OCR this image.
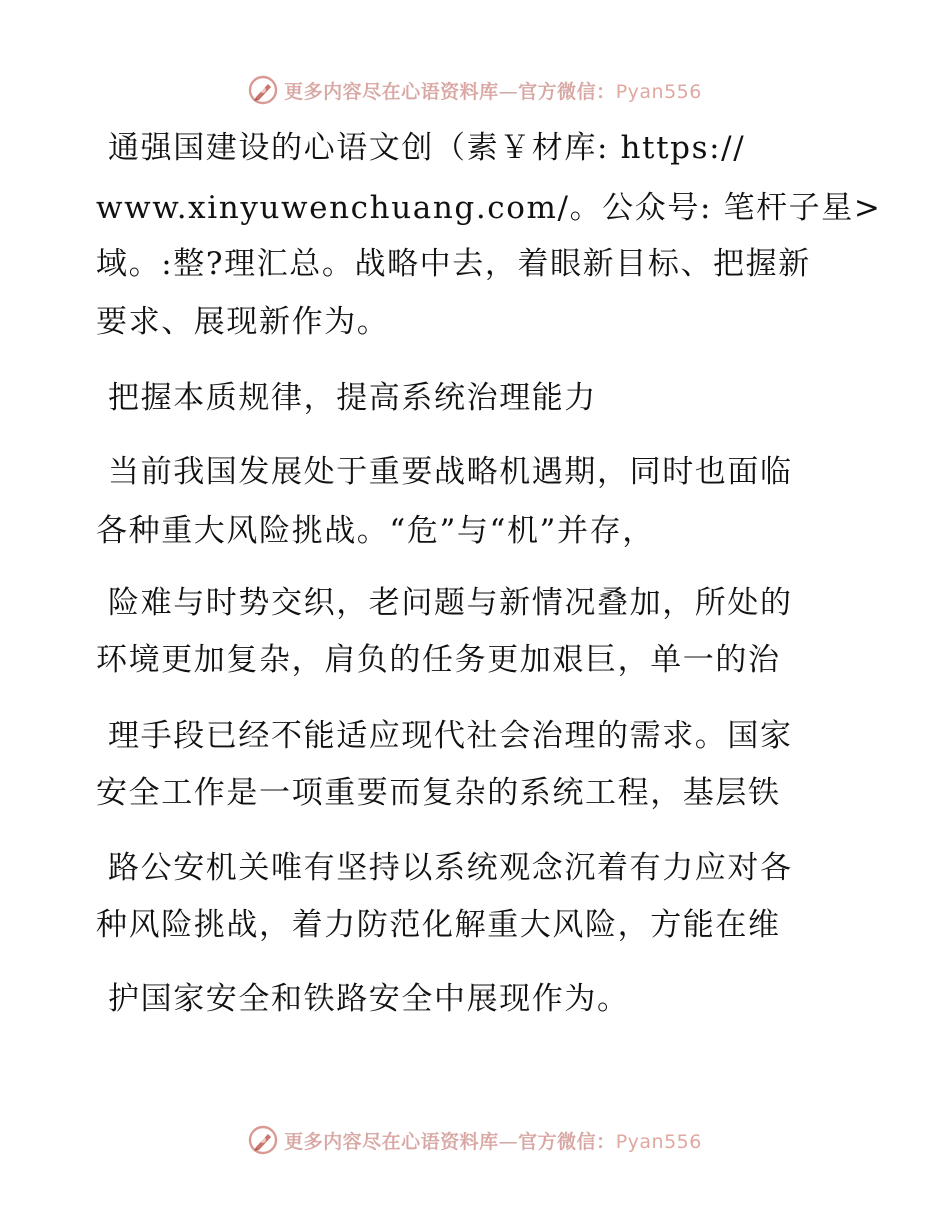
更多内容尽在心语资料库—官方微信：Pyan556
通强国建设的心语文创（素￥材库: https://
www.xinyuwenchuang.com/。公众号: 笔杆子星>
域。:整?理汇总。战略中去，着眼新目标、把握新
要求、展现新作为。
把握本质规律，提高系统治理能力
当前我国发展处于重要战略机遇期，同时也面临
各种重大风险挑战。“危”与“机”并存，
险难与时势交织，老问题与新情况叠加，所处的
环境更加复杂，肩负的任务更加艰巨，单一的治
理手段已经不能适应现代社会治理的需求。国家
安全工作是一项重要而复杂的系统工程，基层铁
路公安机关唯有坚持以系统观念沉着有力应对各
种风险挑战，着力防范化解重大风险，方能在维
护国家安全和铁路安全中展现作为。
更多内容尽在心语资料库—官方微信：Pyan556
